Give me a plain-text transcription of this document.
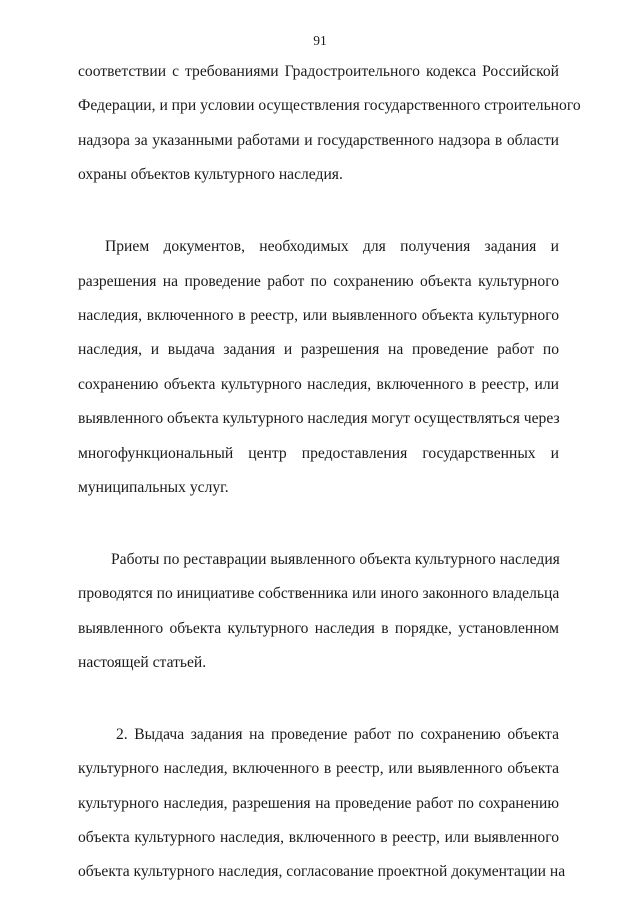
91
соответствии с требованиями Градостроительного кодекса Российской
Федерации, и при условии осуществления государственного строительного
надзора за указанными работами и государственного надзора в области
охраны объектов культурного наследия.
Прием документов, необходимых для получения задания и
разрешения на проведение работ по сохранению объекта культурного
наследия, включенного в реестр, или выявленного объекта культурного
наследия, и выдача задания и разрешения на проведение работ по
сохранению объекта культурного наследия, включенного в реестр, или
выявленного объекта культурного наследия могут осуществляться через
многофункциональный центр предоставления государственных и
муниципальных услуг.
Работы по реставрации выявленного объекта культурного наследия
проводятся по инициативе собственника или иного законного владельца
выявленного объекта культурного наследия в порядке, установленном
настоящей статьей.
2. Выдача задания на проведение работ по сохранению объекта
культурного наследия, включенного в реестр, или выявленного объекта
культурного наследия, разрешения на проведение работ по сохранению
объекта культурного наследия, включенного в реестр, или выявленного
объекта культурного наследия, согласование проектной документации на
